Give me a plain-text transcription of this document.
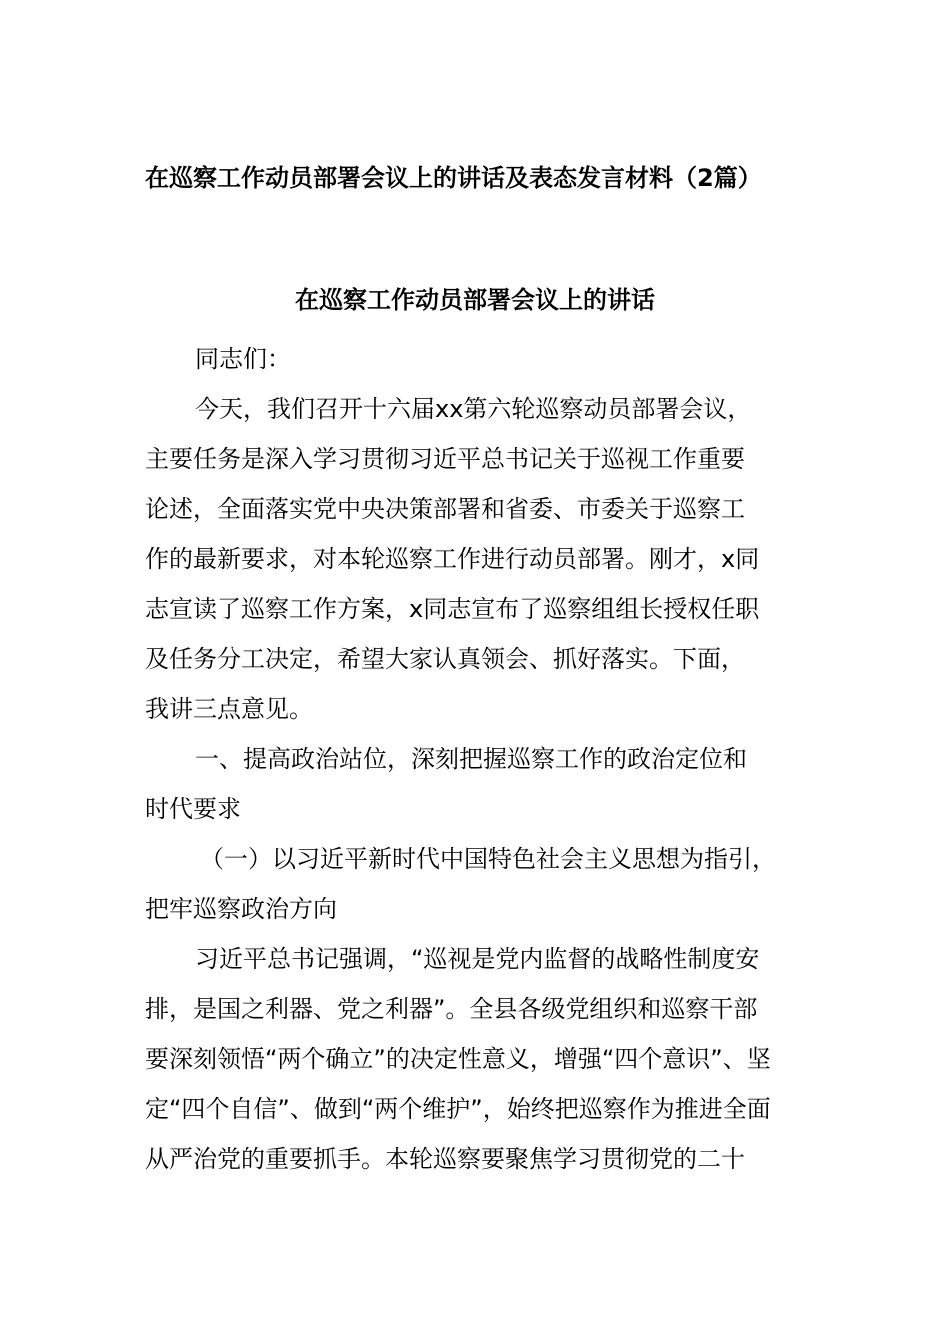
在巡察工作动员部署会议上的讲话及表态发言材料（2篇）
在巡察工作动员部署会议上的讲话
同志们：
今天，我们召开十六届xx第六轮巡察动员部署会议，
主要任务是深入学习贯彻习近平总书记关于巡视工作重要
论述，全面落实党中央决策部署和省委、市委关于巡察工
作的最新要求，对本轮巡察工作进行动员部署。刚才，x同
志宣读了巡察工作方案，x同志宣布了巡察组组长授权任职
及任务分工决定，希望大家认真领会、抓好落实。下面，
我讲三点意见。
一、提高政治站位，深刻把握巡察工作的政治定位和
时代要求
（一）以习近平新时代中国特色社会主义思想为指引，
把牢巡察政治方向
习近平总书记强调，“巡视是党内监督的战略性制度安
排，是国之利器、党之利器”。全县各级党组织和巡察干部
要深刻领悟“两个确立”的决定性意义，增强“四个意识”、坚
定“四个自信”、做到“两个维护”，始终把巡察作为推进全面
从严治党的重要抓手。本轮巡察要聚焦学习贯彻党的二十
